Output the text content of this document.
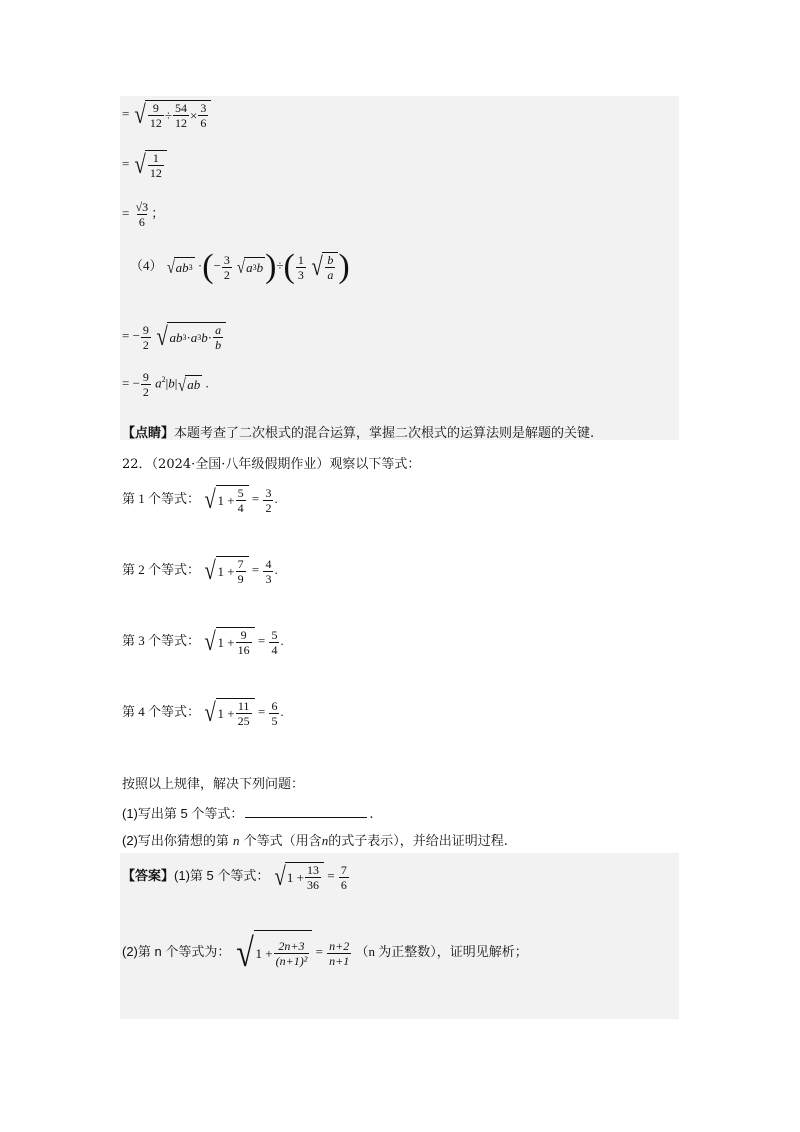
= √ $\frac{9}{12} \div \frac{54}{12} \times \frac{3}{6}$
= √ $\frac{1}{12}$
= $\frac{√3}{6}$ ；
（4） √ ab 3 ·(− $\frac{3}{2}$
√ a 3 b )÷( $\frac{1}{3}$
√ $\frac{b}{a}$ )
= − $\frac{9}{2}$
√ ab 3 · a 3 $b \cdot \frac{a}{b}$
= − $\frac{9}{2} a^2|b|$ √ ab .
【点睛】本题考查了二次根式的混合运算，掌握二次根式的运算法则是解题的关键.
22．（2024·全国·八年级假期作业）观察以下等式：
第 1 个等式： √ $1 + \frac{5}{4} = \frac{3}{2}$ .
第 2 个等式： √ $1 + \frac{7}{9} = \frac{4}{3}$ .
第 3 个等式： √ $1 + \frac{9}{16} = \frac{5}{4}$ .
第 4 个等式： √ $1 + \frac{11}{25} = \frac{6}{5}$ .
按照以上规律，解决下列问题：
(1)写出第 5 个等式：	.
(2)写出你猜想的第 n 个等式（用含n的式子表示），并给出证明过程.
【答案】(1)第 5 个等式： √ $1 + \frac{13}{36} = \frac{7}{6}$
(2)第 n 个等式为： √ $1 + \frac{2n+3}{\text{(n+1)²}} = \frac{n+2}{n+1} (n$ 为正整数），证明见解析；
